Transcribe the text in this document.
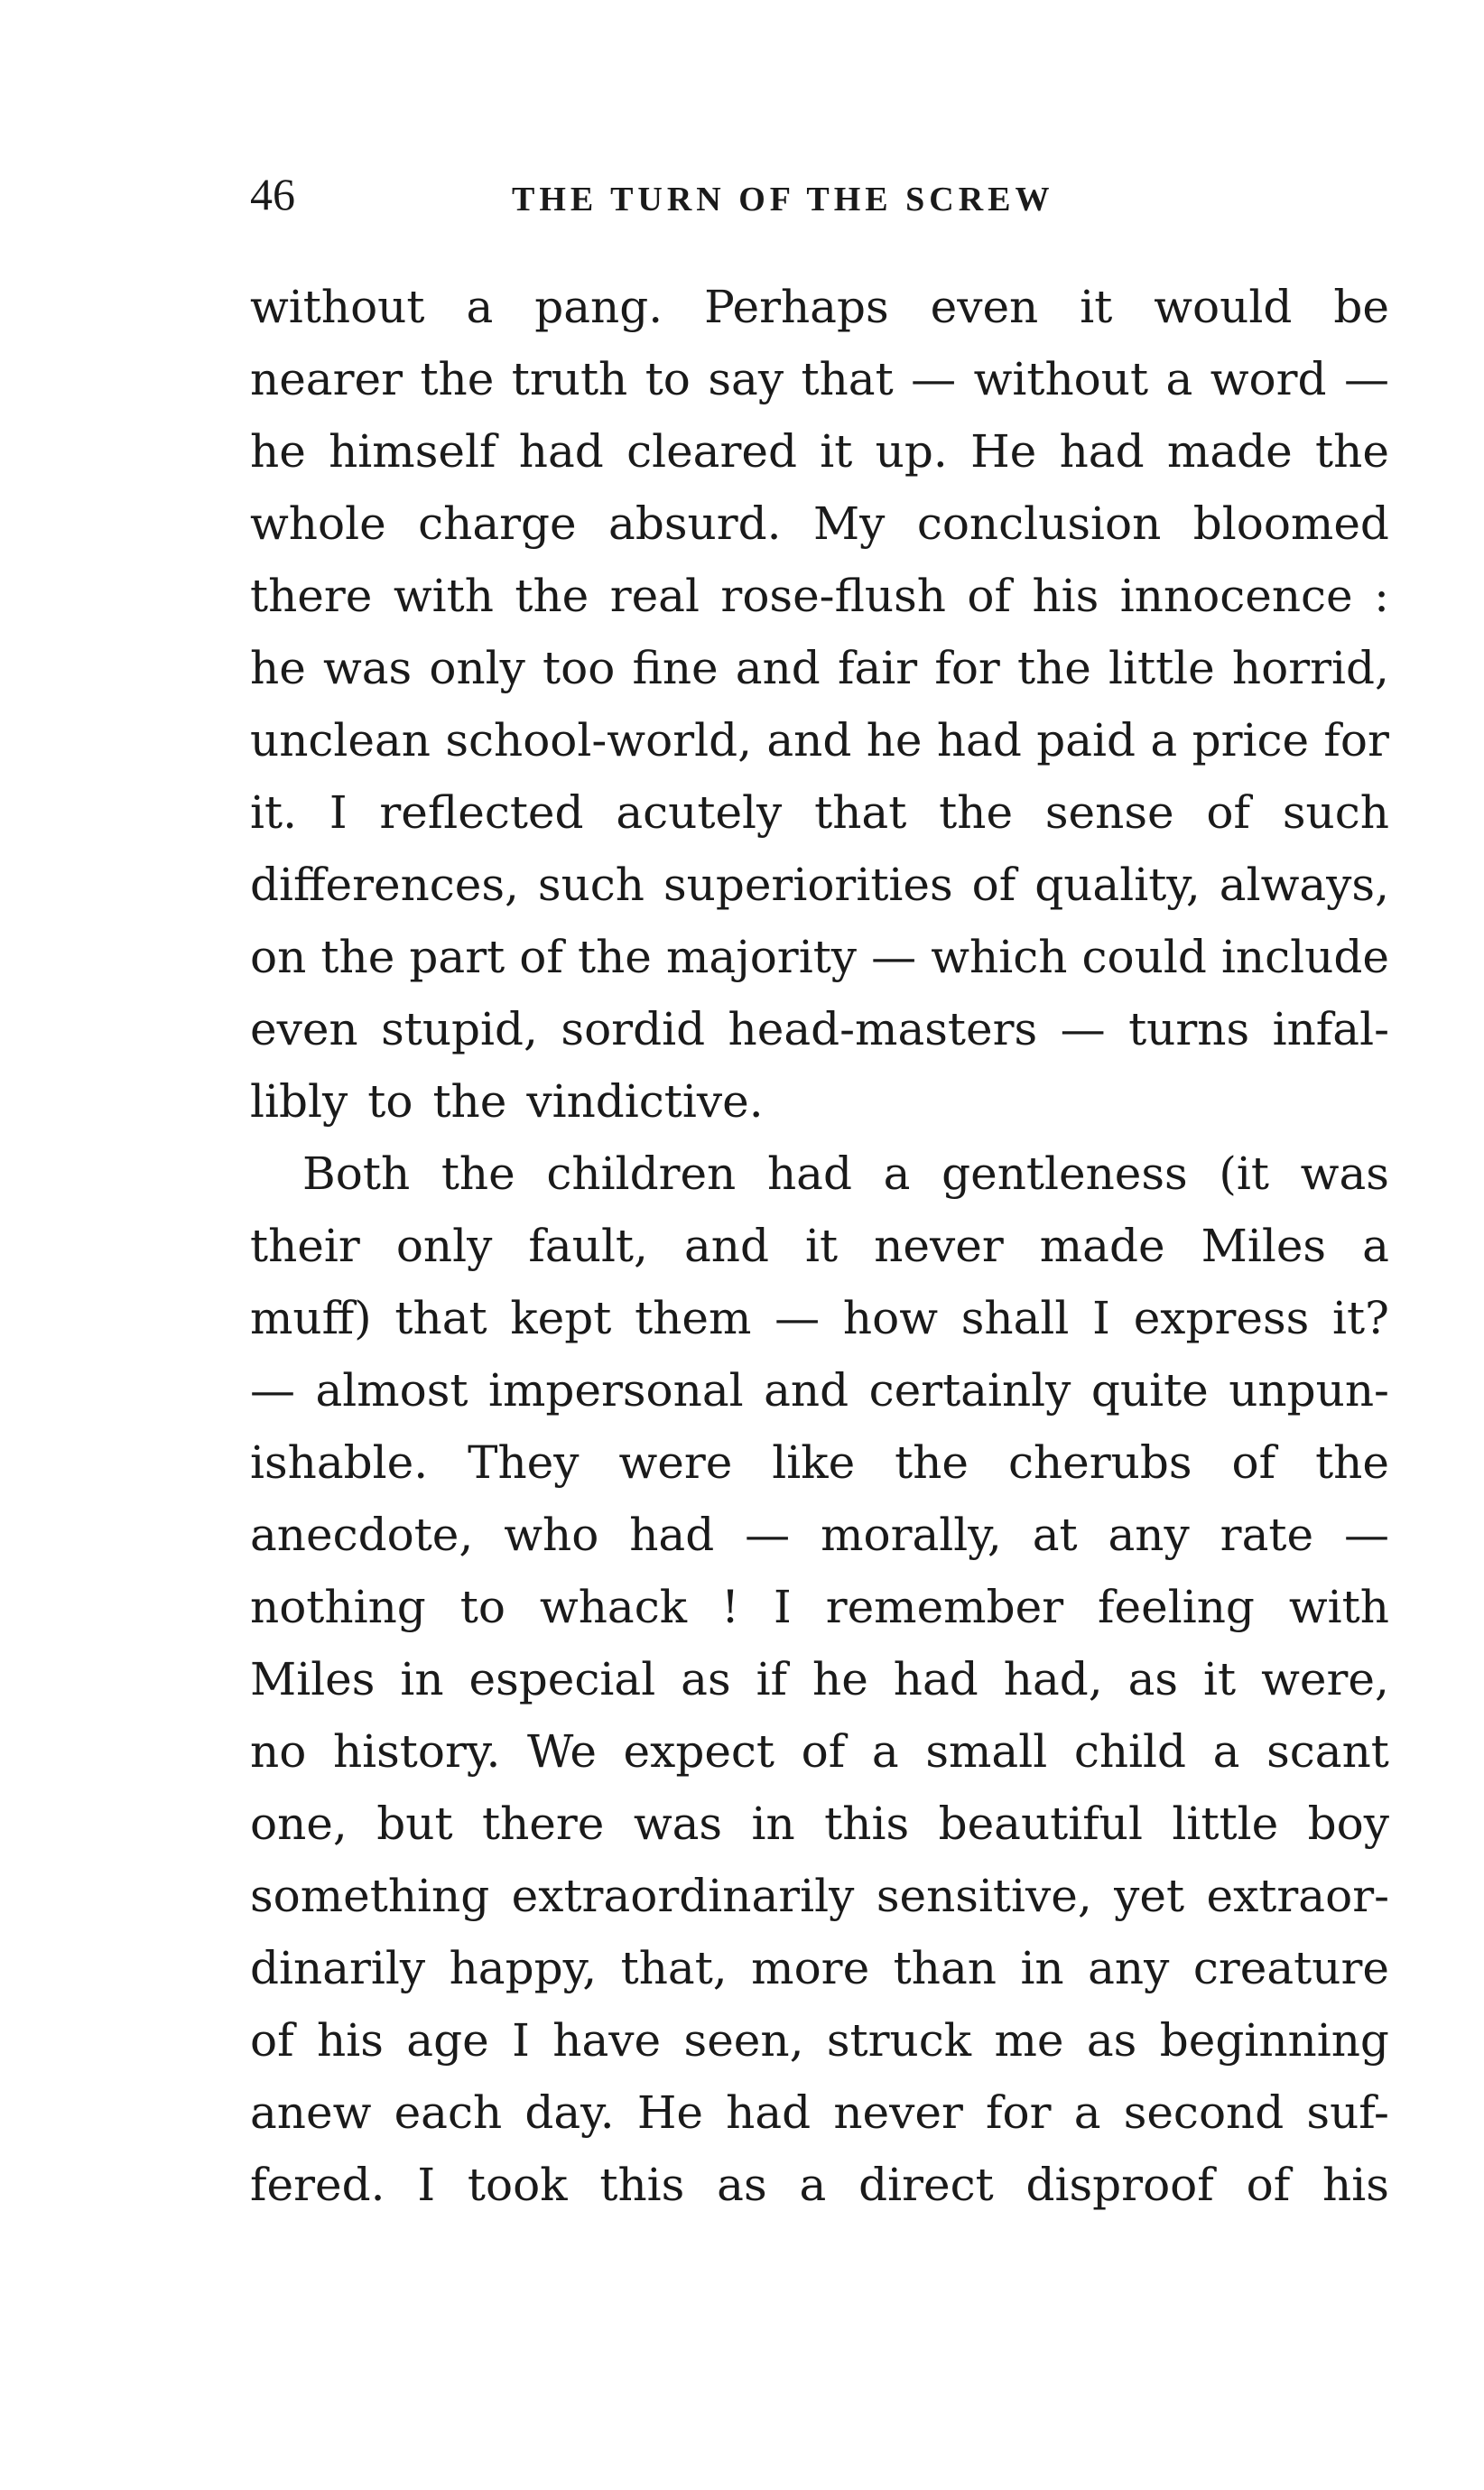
46	THE TURN OF THE SCREW
without a pang. Perhaps even it would be
nearer the truth to say that — without a word —
he himself had cleared it up. He had made the
whole charge absurd. My conclusion bloomed
there with the real rose-flush of his innocence :
he was only too fine and fair for the little horrid,
unclean school-world, and he had paid a price for
it. I reflected acutely that the sense of such
differences, such superiorities of quality, always,
on the part of the majority — which could include
even stupid, sordid head-masters — turns infal-
libly to the vindictive.
Both the children had a gentleness (it was
their only fault, and it never made Miles a
muff) that kept them — how shall I express it?
— almost impersonal and certainly quite unpun-
ishable. They were like the cherubs of the
anecdote, who had — morally, at any rate —
nothing to whack ! I remember feeling with
Miles in especial as if he had had, as it were,
no history. We expect of a small child a scant
one, but there was in this beautiful little boy
something extraordinarily sensitive, yet extraor-
dinarily happy, that, more than in any creature
of his age I have seen, struck me as beginning
anew each day. He had never for a second suf-
fered. I took this as a direct disproof of his
